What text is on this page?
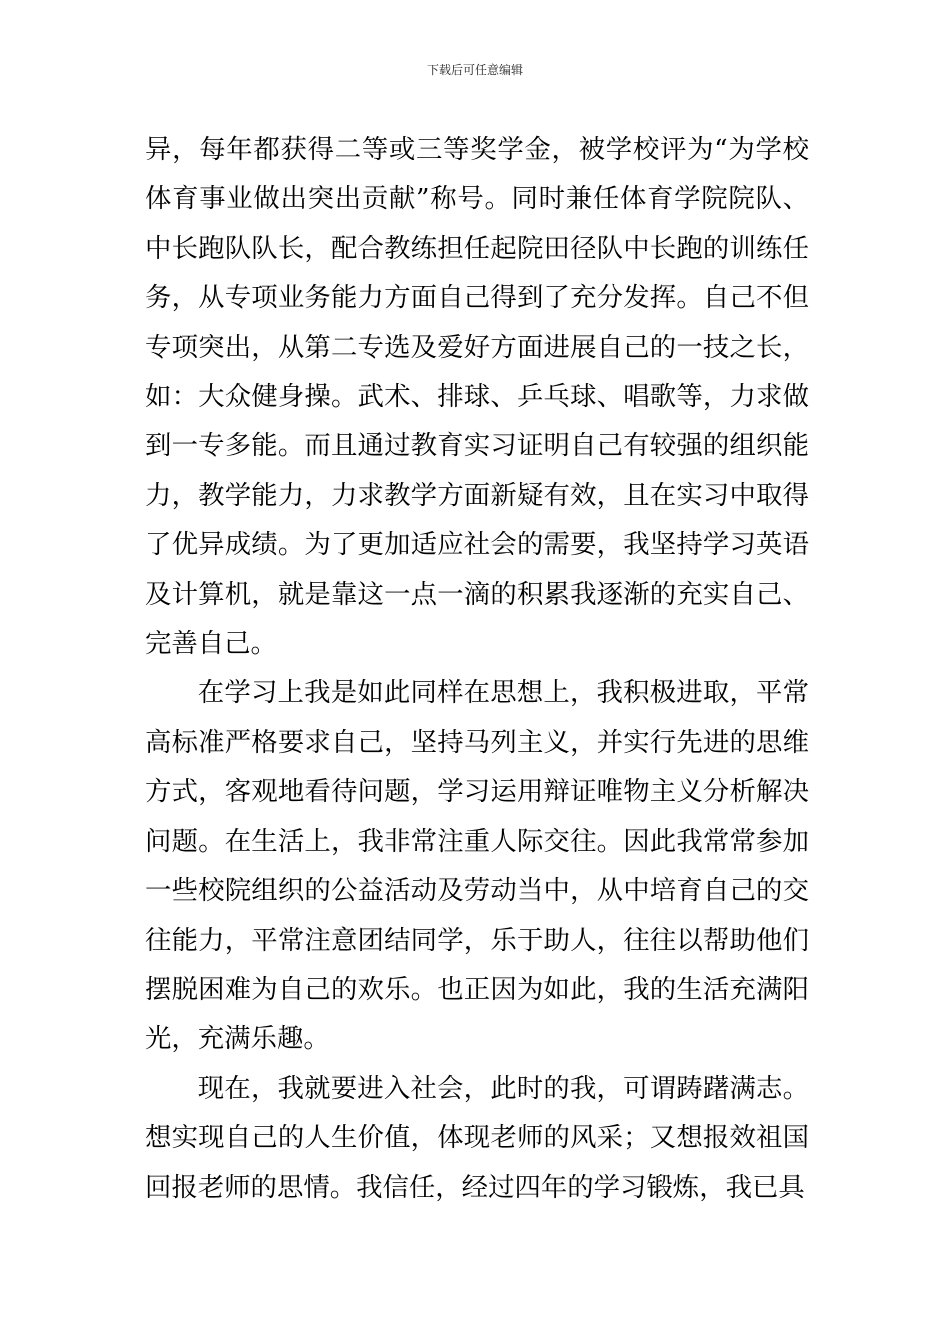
下载后可任意编辑

异，每年都获得二等或三等奖学金，被学校评为“为学校体育事业做出突出贡献”称号。同时兼任体育学院院队、中长跑队队长，配合教练担任起院田径队中长跑的训练任务，从专项业务能力方面自己得到了充分发挥。自己不但专项突出，从第二专选及爱好方面进展自己的一技之长，如：大众健身操。武术、排球、乒乓球、唱歌等，力求做到一专多能。而且通过教育实习证明自己有较强的组织能力，教学能力，力求教学方面新疑有效，且在实习中取得了优异成绩。为了更加适应社会的需要，我坚持学习英语及计算机，就是靠这一点一滴的积累我逐渐的充实自己、完善自己。

在学习上我是如此同样在思想上，我积极进取，平常高标准严格要求自己，坚持马列主义，并实行先进的思维方式，客观地看待问题，学习运用辩证唯物主义分析解决问题。在生活上，我非常注重人际交往。因此我常常参加一些校院组织的公益活动及劳动当中，从中培育自己的交往能力，平常注意团结同学，乐于助人，往往以帮助他们摆脱困难为自己的欢乐。也正因为如此，我的生活充满阳光，充满乐趣。

现在，我就要进入社会，此时的我，可谓踌躇满志。想实现自己的人生价值，体现老师的风采；又想报效祖国回报老师的思情。我信任，经过四年的学习锻炼，我已具
